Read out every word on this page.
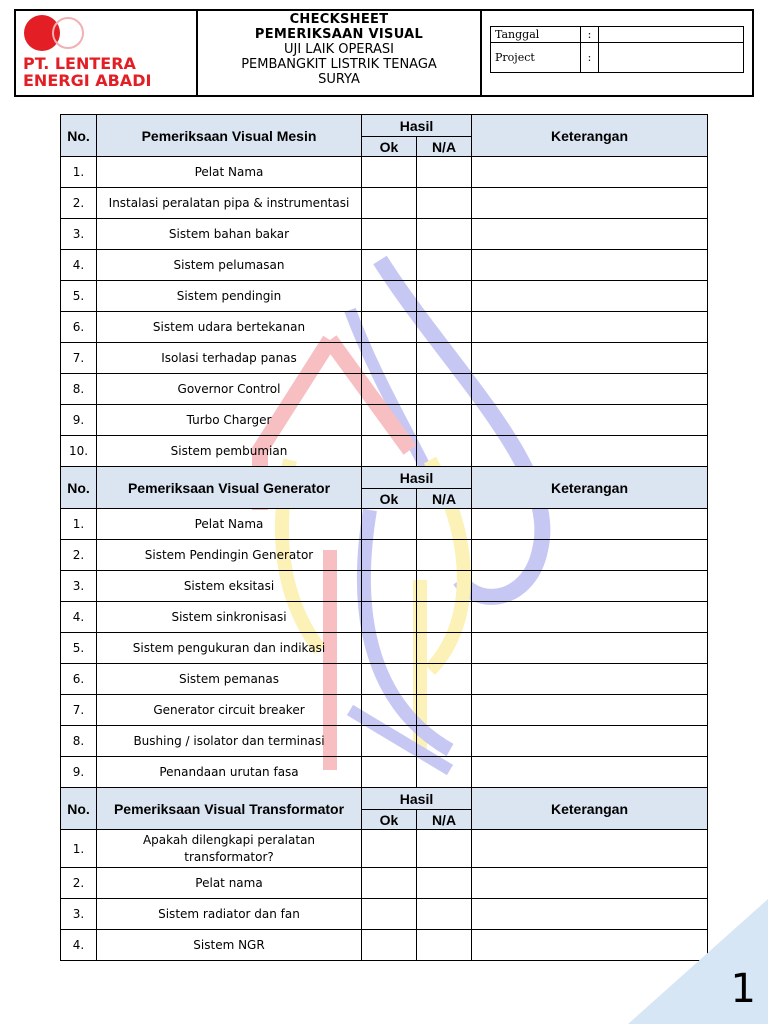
PT. LENTERA
ENERGI ABADI
CHECKSHEET
PEMERIKSAAN VISUAL
UJI LAIK OPERASI
PEMBANGKIT LISTRIK TENAGA
SURYA
Tanggal	:	
Project	:	
No.	Pemeriksaan Visual Mesin	Hasil		Keterangan
		Ok	N/A	
1.	Pelat Nama			
2.	Instalasi peralatan pipa & instrumentasi			
3.	Sistem bahan bakar			
4.	Sistem pelumasan			
5.	Sistem pendingin			
6.	Sistem udara bertekanan			
7.	Isolasi terhadap panas			
8.	Governor Control			
9.	Turbo Charger			
10.	Sistem pembumian			
No.	Pemeriksaan Visual Generator	Hasil		Keterangan
		Ok	N/A	
1.	Pelat Nama			
2.	Sistem Pendingin Generator			
3.	Sistem eksitasi			
4.	Sistem sinkronisasi			
5.	Sistem pengukuran dan indikasi			
6.	Sistem pemanas			
7.	Generator circuit breaker			
8.	Bushing / isolator dan terminasi			
9.	Penandaan urutan fasa			
No.	Pemeriksaan Visual Transformator	Hasil		Keterangan
		Ok	N/A	
1.	Apakah dilengkapi peralatan transformator?			
2.	Pelat nama			
3.	Sistem radiator dan fan			
4.	Sistem NGR			
1
